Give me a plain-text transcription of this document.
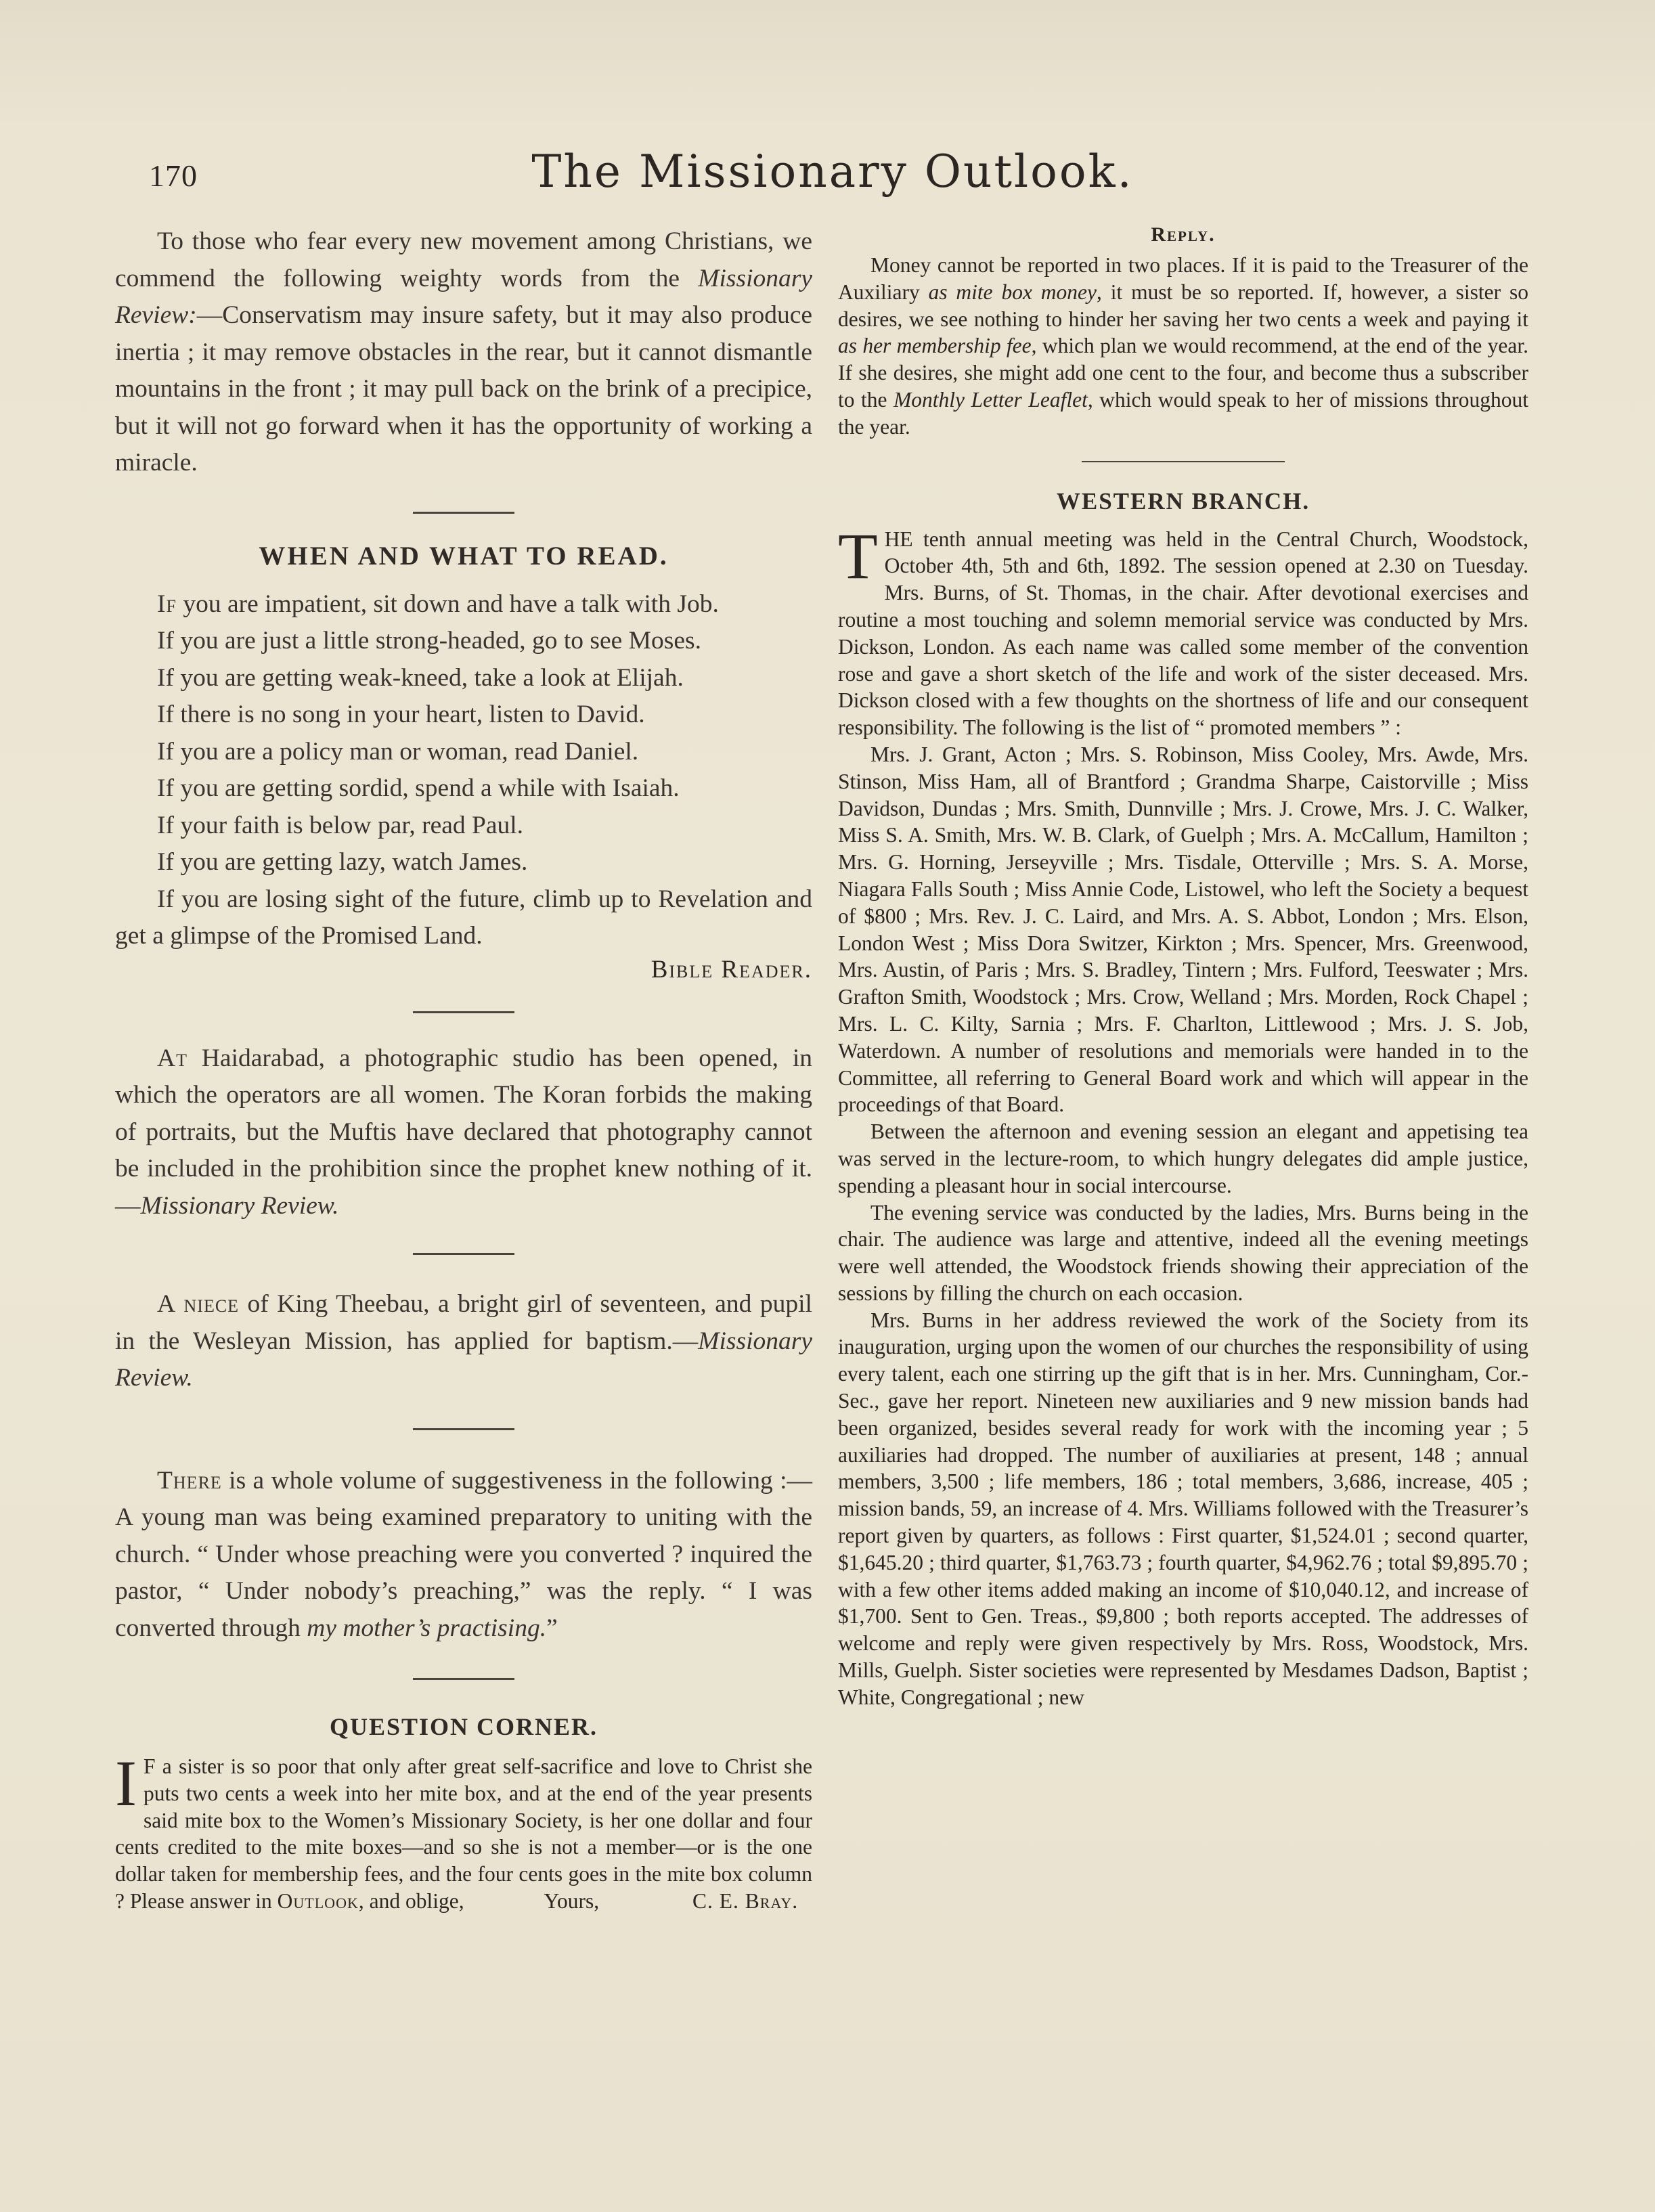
170	The Missionary Outlook.

To those who fear every new movement among Christians, we commend the following weighty words from the Missionary Review:—Conservatism may insure safety, but it may also produce inertia ; it may remove obstacles in the rear, but it cannot dismantle mountains in the front ; it may pull back on the brink of a precipice, but it will not go forward when it has the opportunity of working a miracle.

WHEN AND WHAT TO READ.

If you are impatient, sit down and have a talk with Job.

If you are just a little strong-headed, go to see Moses.

If you are getting weak-kneed, take a look at Elijah.

If there is no song in your heart, listen to David.

If you are a policy man or woman, read Daniel.

If you are getting sordid, spend a while with Isaiah.

If your faith is below par, read Paul.

If you are getting lazy, watch James.

If you are losing sight of the future, climb up to Revelation and get a glimpse of the Promised Land.

Bible Reader.

At Haidarabad, a photographic studio has been opened, in which the operators are all women. The Koran forbids the making of portraits, but the Muftis have declared that photography cannot be included in the prohibition since the prophet knew nothing of it.—Missionary Review.

A niece of King Theebau, a bright girl of seventeen, and pupil in the Wesleyan Mission, has applied for baptism.—Missionary Review.

There is a whole volume of suggestiveness in the following :—A young man was being examined preparatory to uniting with the church. “ Under whose preaching were you converted ? inquired the pastor, “ Under nobody’s preaching,” was the reply. “ I was converted through my mother’s practising.”

QUESTION CORNER.
I F a sister is so poor that only after great self-sacrifice and love to Christ she puts two cents a week into her mite box, and at the end of the year presents said mite box to the Women’s Missionary Society, is her one dollar and four cents credited to the mite boxes—and so she is not a member—or is the one dollar taken for membership fees, and the four cents goes in the mite box column ? Please answer in Outlook, and oblige,	Yours,	C. E. Bray.

Reply.

Money cannot be reported in two places. If it is paid to the Treasurer of the Auxiliary as mite box money, it must be so reported. If, however, a sister so desires, we see nothing to hinder her saving her two cents a week and paying it as her membership fee, which plan we would recommend, at the end of the year. If she desires, she might add one cent to the four, and become thus a subscriber to the Monthly Letter Leaflet, which would speak to her of missions throughout the year.

WESTERN BRANCH.
T HE tenth annual meeting was held in the Central Church, Woodstock, October 4th, 5th and 6th, 1892. The session opened at 2.30 on Tuesday. Mrs. Burns, of St. Thomas, in the chair. After devotional exercises and routine a most touching and solemn memorial service was conducted by Mrs. Dickson, London. As each name was called some member of the convention rose and gave a short sketch of the life and work of the sister deceased. Mrs. Dickson closed with a few thoughts on the shortness of life and our consequent responsibility. The following is the list of “ promoted members ” :

Mrs. J. Grant, Acton ; Mrs. S. Robinson, Miss Cooley, Mrs. Awde, Mrs. Stinson, Miss Ham, all of Brantford ; Grandma Sharpe, Caistorville ; Miss Davidson, Dundas ; Mrs. Smith, Dunnville ; Mrs. J. Crowe, Mrs. J. C. Walker, Miss S. A. Smith, Mrs. W. B. Clark, of Guelph ; Mrs. A. McCallum, Hamilton ; Mrs. G. Horning, Jerseyville ; Mrs. Tisdale, Otterville ; Mrs. S. A. Morse, Niagara Falls South ; Miss Annie Code, Listowel, who left the Society a bequest of $800 ; Mrs. Rev. J. C. Laird, and Mrs. A. S. Abbot, London ; Mrs. Elson, London West ; Miss Dora Switzer, Kirkton ; Mrs. Spencer, Mrs. Greenwood, Mrs. Austin, of Paris ; Mrs. S. Bradley, Tintern ; Mrs. Fulford, Teeswater ; Mrs. Grafton Smith, Woodstock ; Mrs. Crow, Welland ; Mrs. Morden, Rock Chapel ; Mrs. L. C. Kilty, Sarnia ; Mrs. F. Charlton, Littlewood ; Mrs. J. S. Job, Waterdown. A number of resolutions and memorials were handed in to the Committee, all referring to General Board work and which will appear in the proceedings of that Board.

Between the afternoon and evening session an elegant and appetising tea was served in the lecture-room, to which hungry delegates did ample justice, spending a pleasant hour in social intercourse.

The evening service was conducted by the ladies, Mrs. Burns being in the chair. The audience was large and attentive, indeed all the evening meetings were well attended, the Woodstock friends showing their appreciation of the sessions by filling the church on each occasion.

Mrs. Burns in her address reviewed the work of the Society from its inauguration, urging upon the women of our churches the responsibility of using every talent, each one stirring up the gift that is in her. Mrs. Cunningham, Cor.-Sec., gave her report. Nineteen new auxiliaries and 9 new mission bands had been organized, besides several ready for work with the incoming year ; 5 auxiliaries had dropped. The number of auxiliaries at present, 148 ; annual members, 3,500 ; life members, 186 ; total members, 3,686, increase, 405 ; mission bands, 59, an increase of 4. Mrs. Williams followed with the Treasurer’s report given by quarters, as follows : First quarter, $1,524.01 ; second quarter, $1,645.20 ; third quarter, $1,763.73 ; fourth quarter, $4,962.76 ; total $9,895.70 ; with a few other items added making an income of $10,040.12, and increase of $1,700. Sent to Gen. Treas., $9,800 ; both reports accepted. The addresses of welcome and reply were given respectively by Mrs. Ross, Woodstock, Mrs. Mills, Guelph. Sister societies were represented by Mesdames Dadson, Baptist ; White, Congregational ; new
